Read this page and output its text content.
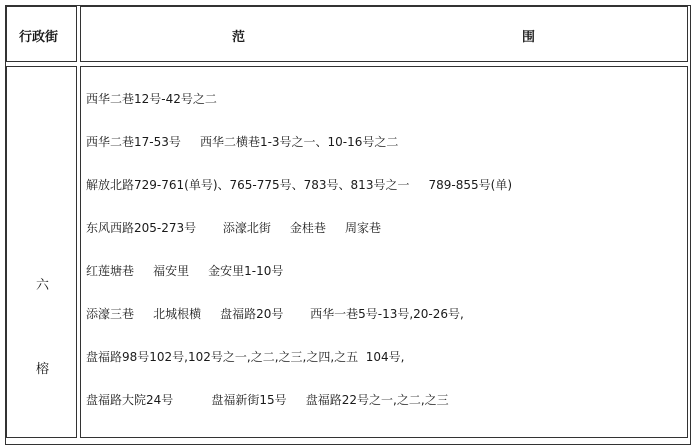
行政街	范	围
六
榕
西华二巷12号-42号之二
西华二巷17-53号     西华二横巷1-3号之一、10-16号之二
解放北路729-761(单号)、765-775号、783号、813号之一     789-855号(单)
东风西路205-273号       添濠北街     金桂巷     周家巷
红莲塘巷     福安里     金安里1-10号
添濠三巷     北城根横     盘福路20号       西华一巷5号-13号,20-26号,
盘福路98号102号,102号之一,之二,之三,之四,之五  104号,
盘福路大院24号          盘福新街15号     盘福路22号之一,之二,之三
